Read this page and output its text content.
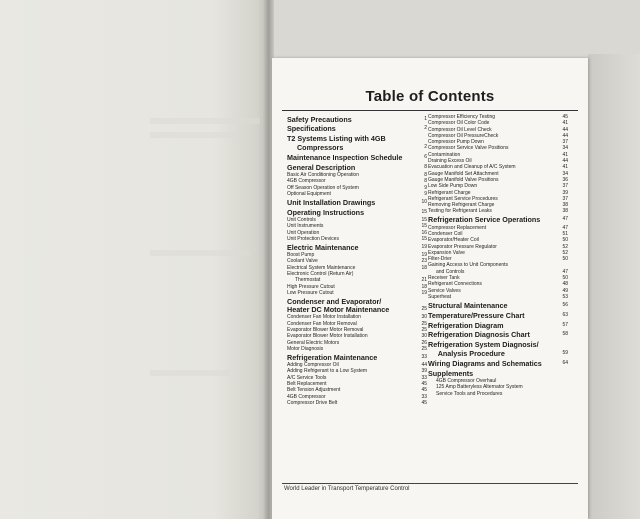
Table of Contents
Safety Precautions	1
Specifications	2
T2 Systems Listing with 4GB
Compressors	2
Maintenance Inspection Schedule	6
General Description	8
Basic Air Conditioning Operation	8
4GB Compressor	8
Off Season Operation of System	9
Optional Equipment	9
Unit Installation Drawings	10
Operating Instructions	15
Unit Controls	15
Unit Instruments	15
Unit Operation	16
Unit Protection Devices	15
Electric Maintenance	19
Boost Pump	19
Coolant Valve	23
Electrical System Maintenance	18
Electronic Control (Return Air)
Thermostat	21
High Pressure Cutout	18
Low Pressure Cutout	19
Condenser and Evaporator/
Heater DC Motor Maintenance	25
Condenser Fan Motor Installation	30
Condenser Fan Motor Removal	25
Evaporator Blower Motor Removal	25
Evaporator Blower Motor Installation	30
General Electric Motors	26
Motor Diagnosis	25
Refrigeration Maintenance	33
Adding Compressor Oil	44
Adding Refrigerant to a Low System	39
A/C Service Tools	33
Belt Replacement	45
Belt Tension Adjustment	45
4GB Compressor	33
Compressor Drive Belt	45
Compressor Efficiency Testing	45
Compressor Oil Color Code	41
Compressor Oil Level Check	44
Compressor Oil PressureCheck	44
Compressor Pump Down	37
Compressor Service Valve Positions	34
Contamination	41
Draining Excess Oil	44
Evacuation and Cleanup of A/C System	41
Gauge Manifold Set Attachment	34
Gauge Manifold Valve Positions	36
Low Side Pump Down	37
Refrigerant Charge	39
Refrigerant Service Procedures	37
Removing Refrigerant Charge	38
Testing for Refrigerant Leaks	38
Refrigeration Service Operations	47
Compressor Replacement	47
Condenser Coil	51
Evaporator/Heater Coil	50
Evaporator Pressure Regulator	52
Expansion Valve	52
Filter-Drier	50
Gaining Access to Unit Components
and Controls	47
Receiver Tank	50
Refrigerant Connections	48
Service Valves	49
Superheat	53
Structural Maintenance	56
Temperature/Pressure Chart	63
Refrigeration Diagram	57
Refrigeration Diagnosis Chart	58
Refrigeration System Diagnosis/
Analysis Procedure	59
Wiring Diagrams and Schematics	64
Supplements
4GB Compressor Overhaul
125 Amp Batteryless Alternator System
Service Tools and Procedures
World Leader in Transport Temperature Control
